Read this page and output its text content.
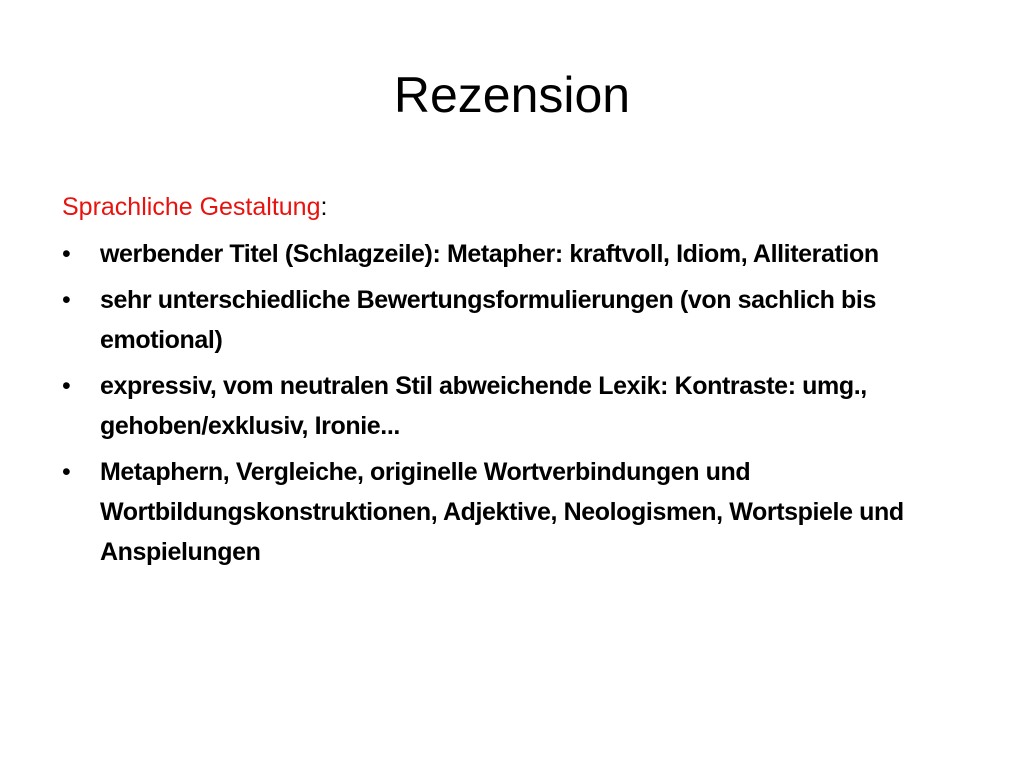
Rezension

Sprachliche Gestaltung:

• werbender Titel (Schlagzeile): Metapher: kraftvoll, Idiom, Alliteration
• sehr unterschiedliche Bewertungsformulierungen (von sachlich bis emotional)
• expressiv, vom neutralen Stil abweichende Lexik: Kontraste: umg., gehoben/exklusiv, Ironie...
• Metaphern, Vergleiche, originelle Wortverbindungen und Wortbildungskonstruktionen, Adjektive, Neologismen, Wortspiele und Anspielungen
